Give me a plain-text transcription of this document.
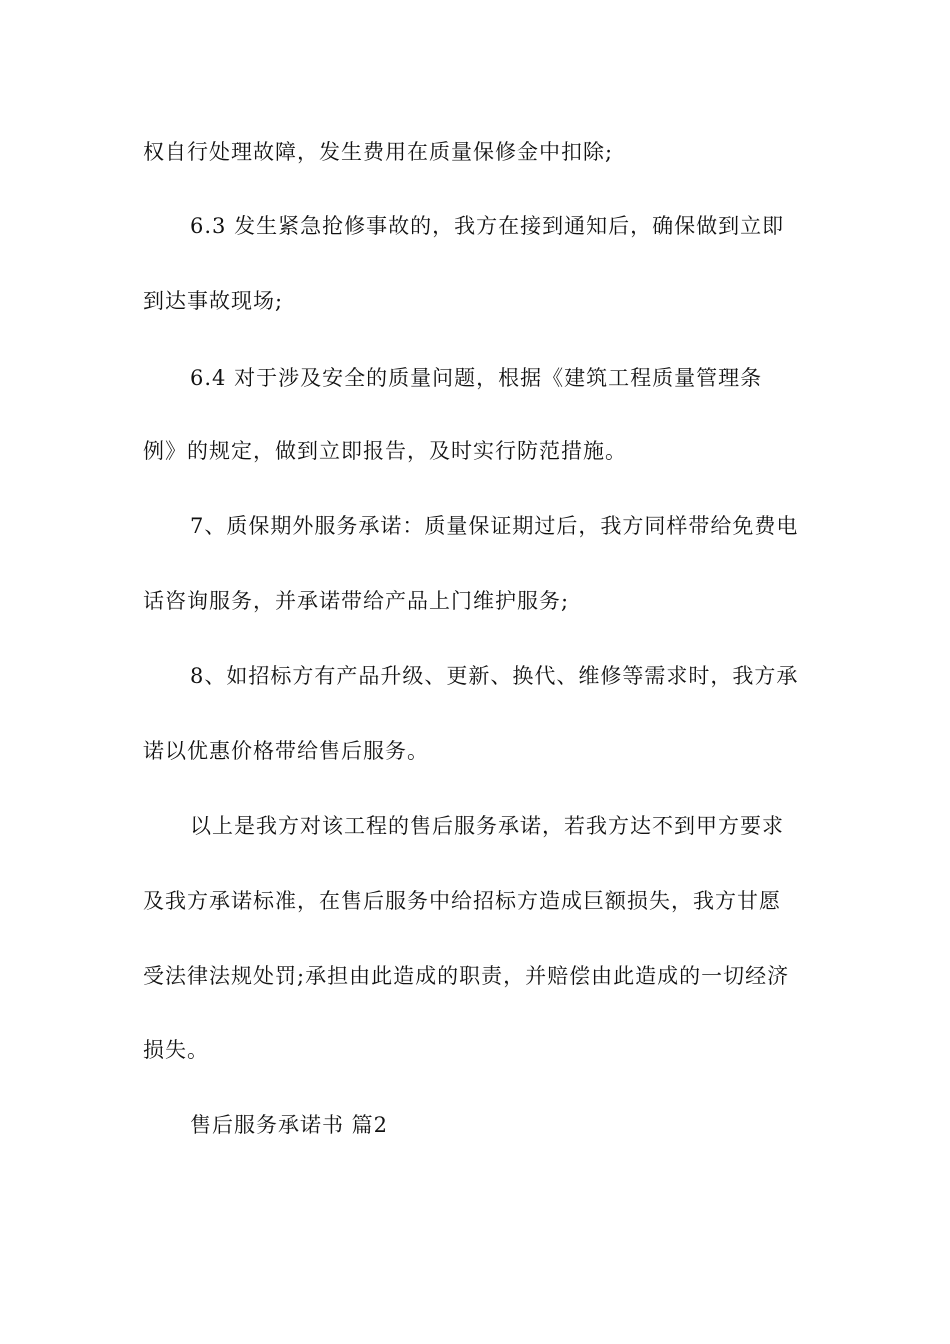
权自行处理故障，发生费用在质量保修金中扣除;
6.3 发生紧急抢修事故的，我方在接到通知后，确保做到立即
到达事故现场;
6.4 对于涉及安全的质量问题，根据《建筑工程质量管理条
例》的规定，做到立即报告，及时实行防范措施。
7、质保期外服务承诺：质量保证期过后，我方同样带给免费电
话咨询服务，并承诺带给产品上门维护服务;
8、如招标方有产品升级、更新、换代、维修等需求时，我方承
诺以优惠价格带给售后服务。
以上是我方对该工程的售后服务承诺，若我方达不到甲方要求
及我方承诺标准，在售后服务中给招标方造成巨额损失，我方甘愿
受法律法规处罚;承担由此造成的职责，并赔偿由此造成的一切经济
损失。
售后服务承诺书 篇2
